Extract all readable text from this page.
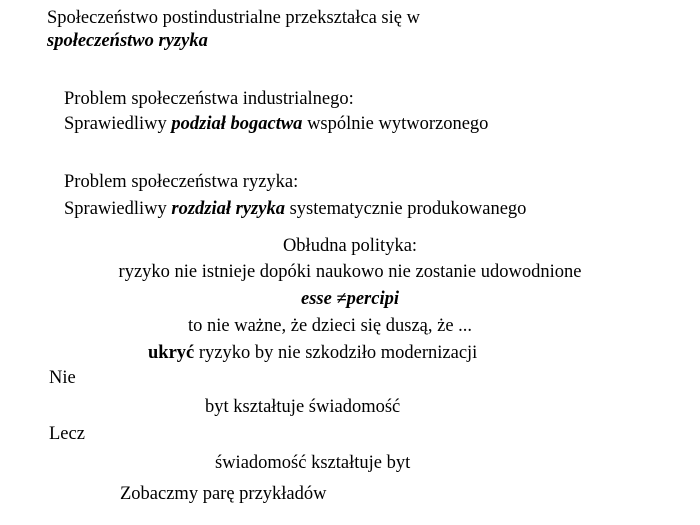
Społeczeństwo postindustrialne przekształca się w
społeczeństwo ryzyka
Problem społeczeństwa industrialnego:
Sprawiedliwy podział bogactwa wspólnie wytworzonego
Problem społeczeństwa ryzyka:
Sprawiedliwy rozdział ryzyka systematycznie produkowanego
Obłudna polityka:
ryzyko nie istnieje dopóki naukowo nie zostanie udowodnione
esse ≠percipi
to nie ważne, że dzieci się duszą, że ...
ukryć ryzyko by nie szkodziło modernizacji
Nie
byt kształtuje świadomość
Lecz
świadomość kształtuje byt
Zobaczmy parę przykładów
